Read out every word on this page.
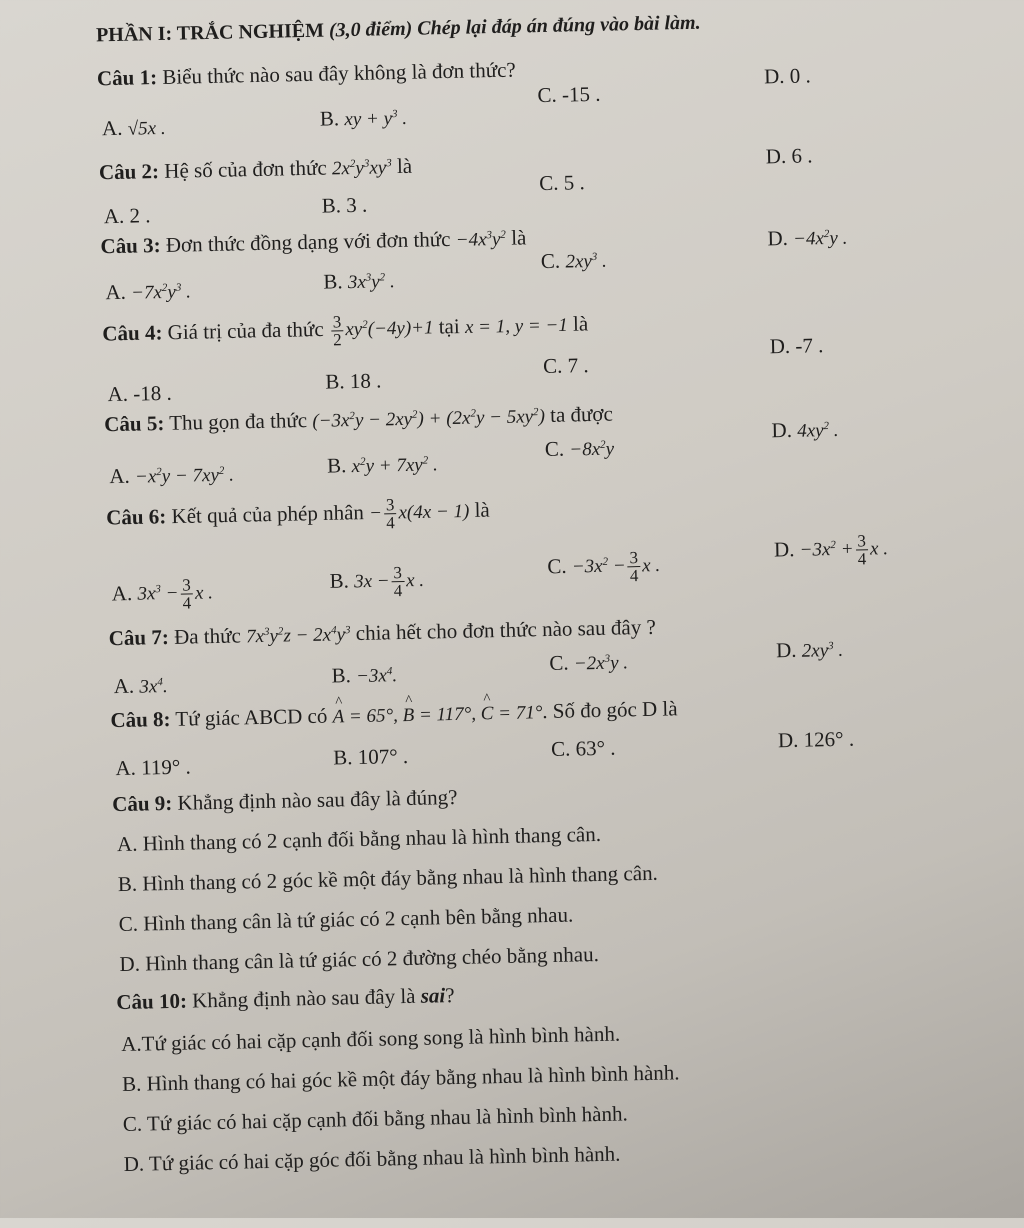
PHẦN I: TRẮC NGHIỆM (3,0 điểm) Chép lại đáp án đúng vào bài làm.
Câu 1: Biểu thức nào sau đây không là đơn thức?
A. √5x .	B. xy + $y^3$ .
C. -15 .
D. 0 .
Câu 2: Hệ số của đơn thức $2x^2y^3xy^3$ là
A. 2 .	B. 3 .
C. 5 .
D. 6 .
Câu 3: Đơn thức đồng dạng với đơn thức $-4x^3y^2$ là
A. $-7x^2y^3$ .	B. $3x^3y^2$ .
C. $2xy^3$ .
D. $-4x^2y$ .
Câu 4: Giá trị của đa thức $\frac{3}{2} xy^2(-4y)+1$ tại x = 1, y = −1 là
A. -18 .	B. 18 .
C. 7 .
D. -7 .
Câu 5: Thu gọn đa thức $(-3x^2y - 2xy^2) + (2x^2y - 5xy^2)$ ta được
A. $-x^2y - 7xy^2$ .	B. $x^2y + 7xy^2$ .
C. $-8x^2y$
D. $4xy^2$ .
Câu 6: Kết quả của phép nhân − $\frac{3}{4} x(4x - 1)$ là
A. $3x^3 - \frac{3}{4}$ x .
B. $3x - \frac{3}{4}$ x .
C. $-3x^2 - \frac{3}{4}$ x .
D. $-3x^2 + \frac{3}{4}$ x .
Câu 7: Đa thức $7x^3y^2z - 2x^4y^3$ chia hết cho đơn thức nào sau đây ?
A. $3x^4$.	B. $-3x^4$.
C. $-2x^3y$ .
D. $2xy^3$ .
Câu 8: Tứ giác ABCD có ^ A = 65°, ^ B = 117°, ^ C = 71°. Số đo góc D là
A. 119° .	B. 107° .	C. 63° .	D. 126° .
Câu 9: Khẳng định nào sau đây là đúng?
A. Hình thang có 2 cạnh đối bằng nhau là hình thang cân.
B. Hình thang có 2 góc kề một đáy bằng nhau là hình thang cân.
C. Hình thang cân là tứ giác có 2 cạnh bên bằng nhau.
D. Hình thang cân là tứ giác có 2 đường chéo bằng nhau.
Câu 10: Khẳng định nào sau đây là sai?
A.Tứ giác có hai cặp cạnh đối song song là hình bình hành.
B. Hình thang có hai góc kề một đáy bằng nhau là hình bình hành.
C. Tứ giác có hai cặp cạnh đối bằng nhau là hình bình hành.
D. Tứ giác có hai cặp góc đối bằng nhau là hình bình hành.
